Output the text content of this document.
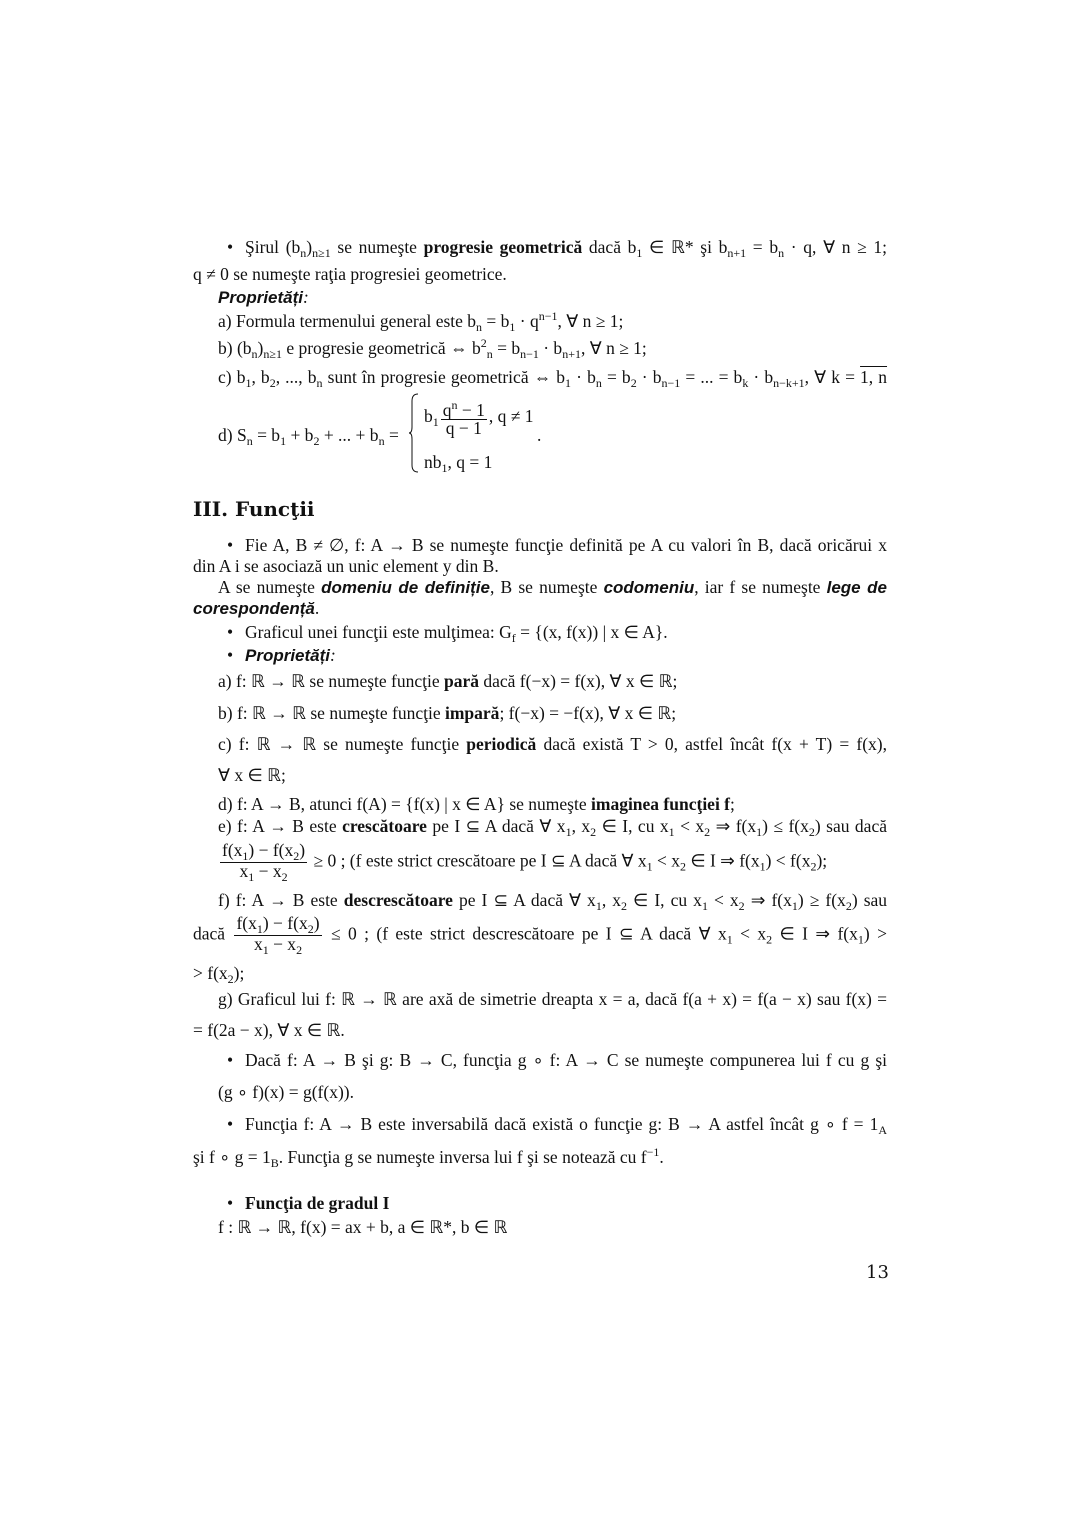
• Şirul $(b_n)_{n\ge 1}$ se numeşte progresie geometrică dacă $b_1$ ∈ ℝ* şi $b_{n+1} = b_n \cdot q$, ∀ n ≥ 1;
q ≠ 0 se numeşte raţia progresiei geometrice.
Proprietăți:
a) Formula termenului general este $b_n = b_1 \cdot q^{n-1}$, ∀ n ≥ 1;
b) $(b_n)_{n\ge 1}$ e progresie geometrică ⇔ $b^2_n = b_{n-1} \cdot b_{n+1}$, ∀ n ≥ 1;
c) $b_1$, $b_2$, ..., $b_n$ sunt în progresie geometrică ⇔ $b_1 \cdot b_n = b_2 \cdot b_{n-1}$ = ... = $b_k \cdot b_{n-k+1}$, ∀ k = 1, n
d) $S_n = b_1 + b_2$ + ... + $b_n$ =
$b_1 \frac{q^n - 1}{q - 1}$ , q ≠ 1
.
$nb_1$, q = 1
III. Funcţii
• Fie A, B ≠ ∅, f: A → B se numeşte funcţie definită pe A cu valori în B, dacă oricărui x
din A i se asociază un unic element y din B.
A se numeşte domeniu de definiție, B se numeşte codomeniu, iar f se numeşte lege de
corespondență.
• Graficul unei funcţii este mulţimea: $G_f = \{(x$, f(x)) | x ∈ A}.
• Proprietăți:
a) f: ℝ → ℝ se numeşte funcţie pară dacă f(−x) = f(x), ∀ x ∈ ℝ;
b) f: ℝ → ℝ se numeşte funcţie impară; f(−x) = −f(x), ∀ x ∈ ℝ;
c) f: ℝ → ℝ se numeşte funcţie periodică dacă există T > 0, astfel încât f(x + T) = f(x),
∀ x ∈ ℝ;
d) f: A → B, atunci f(A) = {f(x) | x ∈ A} se numeşte imaginea funcţiei f;
e) f: A → B este crescătoare pe I ⊆ A dacă ∀ $x_1$, $x_2$ ∈ I, cu $x_1 < x_2$ ⇒ $f(x_1) \le f(x_2)$ sau dacă
$\frac{f(x_1) - f(x_2)}{x_1 - x_2} \ge 0$ ; (f este strict crescătoare pe I ⊆ A dacă ∀ $x_1 < x_2$ ∈ I ⇒ $f(x_1) < f(x_2)$;
f) f: A → B este descrescătoare pe I ⊆ A dacă ∀ $x_1$, $x_2$ ∈ I, cu $x_1 < x_2$ ⇒ $f(x_1) \ge f(x_2)$ sau
dacă $\frac{f(x_1) - f(x_2)}{x_1 - x_2} \le 0$ ; (f este strict descrescătoare pe I ⊆ A dacă ∀ $x_1 < x_2$ ∈ I ⇒ $f(x_1)$ >
> $f(x_2)$;
g) Graficul lui f: ℝ → ℝ are axă de simetrie dreapta x = a, dacă f(a + x) = f(a − x) sau f(x) =
= f(2a − x), ∀ x ∈ ℝ.
• Dacă f: A → B şi g: B → C, funcţia g ∘ f: A → C se numeşte compunerea lui f cu g şi
(g ∘ f)(x) = g(f(x)).
• Funcţia f: A → B este inversabilă dacă există o funcţie g: B → A astfel încât g ∘ $f = 1_A$
şi f ∘ $g = 1_B$. Funcţia g se numeşte inversa lui f şi se notează cu $f^{-1}$.
• Funcţia de gradul I
f : ℝ → ℝ, f(x) = ax + b, a ∈ ℝ*, b ∈ ℝ
13
